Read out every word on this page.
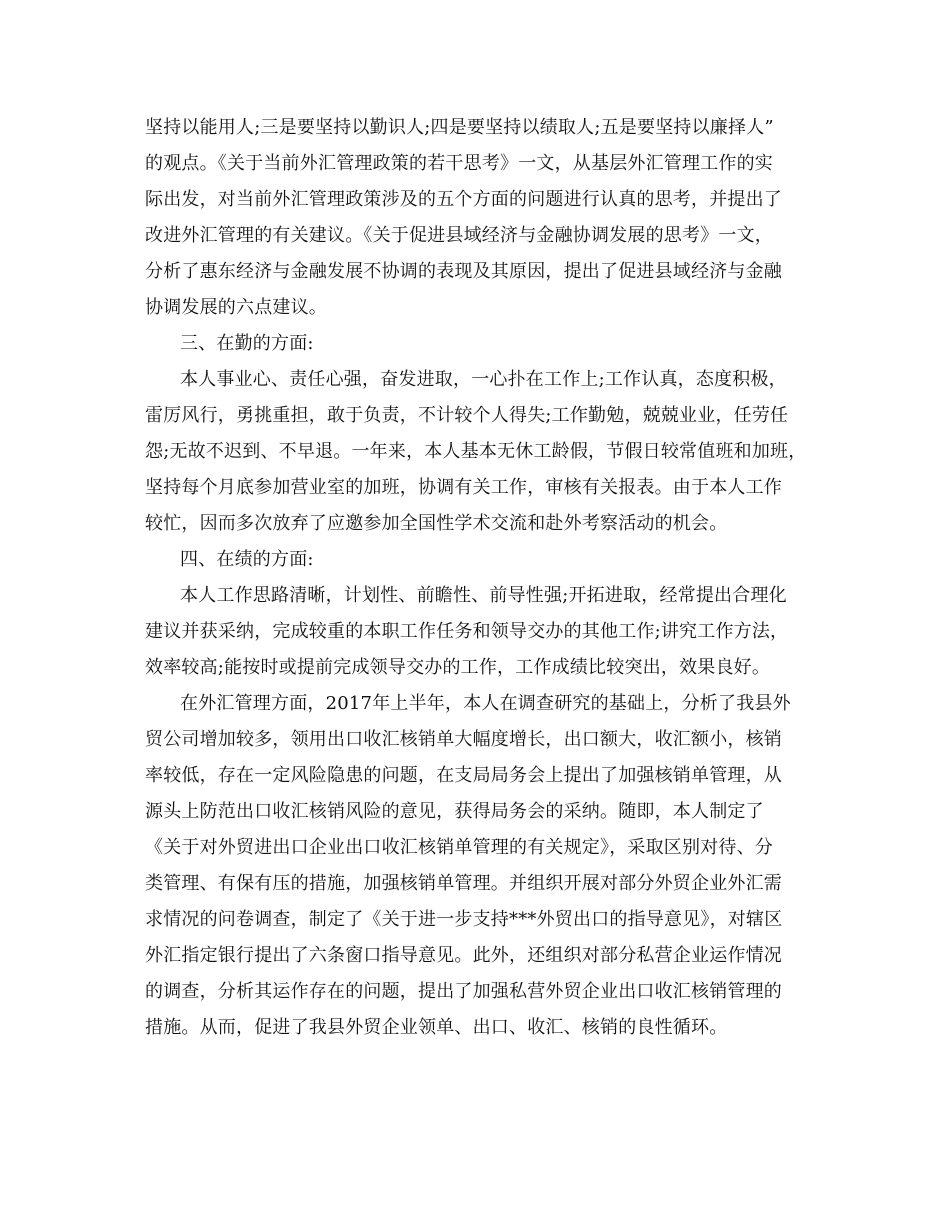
坚持以能用人;三是要坚持以勤识人;四是要坚持以绩取人;五是要坚持以廉择人”
的观点。《关于当前外汇管理政策的若干思考》一文，从基层外汇管理工作的实
际出发，对当前外汇管理政策涉及的五个方面的问题进行认真的思考，并提出了
改进外汇管理的有关建议。《关于促进县域经济与金融协调发展的思考》一文，
分析了惠东经济与金融发展不协调的表现及其原因，提出了促进县域经济与金融
协调发展的六点建议。
三、在勤的方面:
本人事业心、责任心强，奋发进取，一心扑在工作上;工作认真，态度积极，
雷厉风行，勇挑重担，敢于负责，不计较个人得失;工作勤勉，兢兢业业，任劳任
怨;无故不迟到、不早退。一年来，本人基本无休工龄假，节假日较常值班和加班，
坚持每个月底参加营业室的加班，协调有关工作，审核有关报表。由于本人工作
较忙，因而多次放弃了应邀参加全国性学术交流和赴外考察活动的机会。
四、在绩的方面:
本人工作思路清晰，计划性、前瞻性、前导性强;开拓进取，经常提出合理化
建议并获采纳，完成较重的本职工作任务和领导交办的其他工作;讲究工作方法，
效率较高;能按时或提前完成领导交办的工作，工作成绩比较突出，效果良好。
在外汇管理方面，2017年上半年，本人在调查研究的基础上，分析了我县外
贸公司增加较多，领用出口收汇核销单大幅度增长，出口额大，收汇额小，核销
率较低，存在一定风险隐患的问题，在支局局务会上提出了加强核销单管理，从
源头上防范出口收汇核销风险的意见，获得局务会的采纳。随即，本人制定了
《关于对外贸进出口企业出口收汇核销单管理的有关规定》，采取区别对待、分
类管理、有保有压的措施，加强核销单管理。并组织开展对部分外贸企业外汇需
求情况的问卷调查，制定了《关于进一步支持***外贸出口的指导意见》，对辖区
外汇指定银行提出了六条窗口指导意见。此外，还组织对部分私营企业运作情况
的调查，分析其运作存在的问题，提出了加强私营外贸企业出口收汇核销管理的
措施。从而，促进了我县外贸企业领单、出口、收汇、核销的良性循环。
